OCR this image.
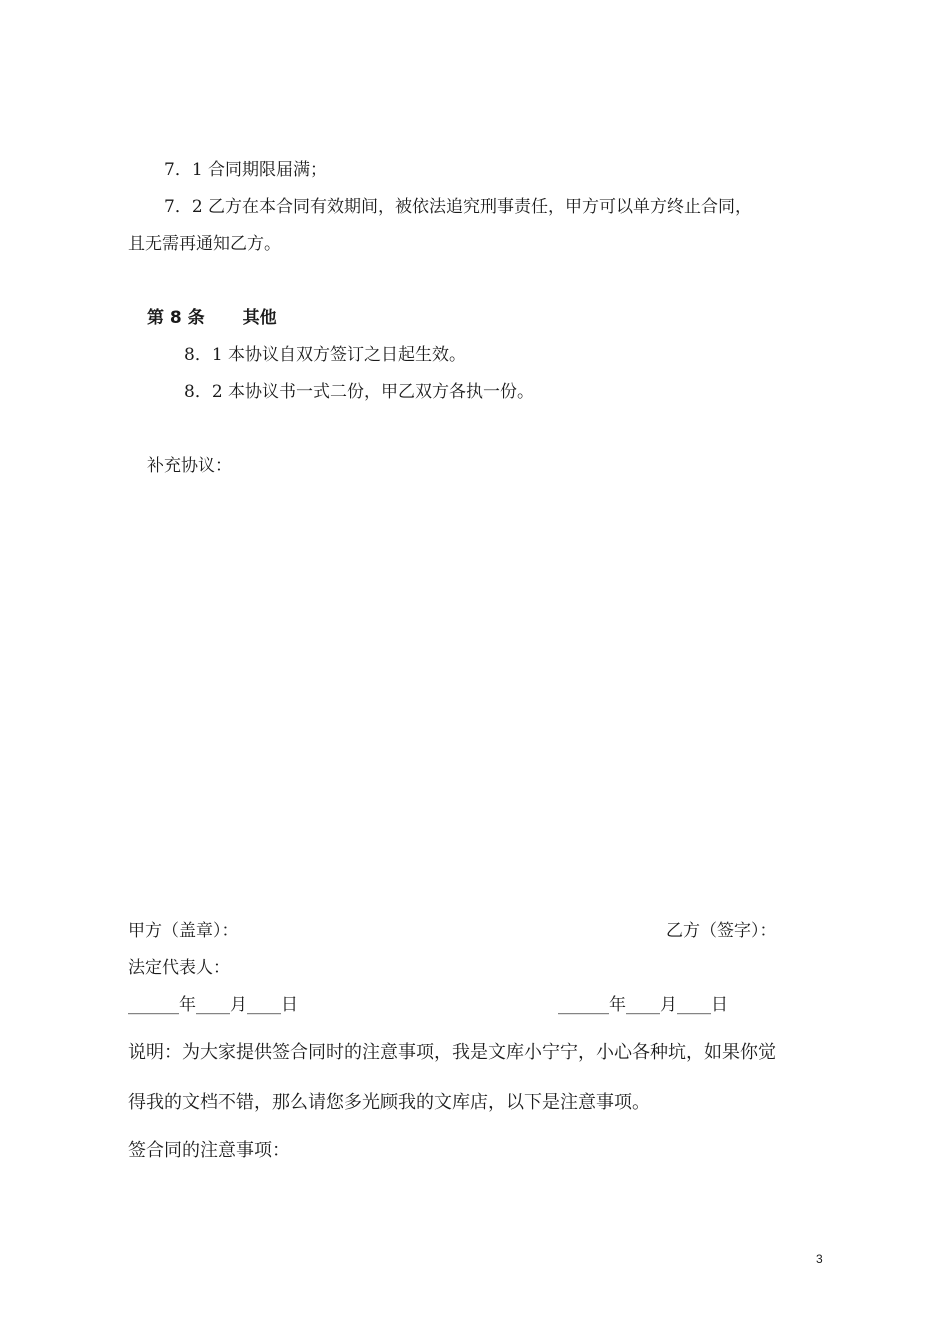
7．1 合同期限届满；
7．2 乙方在本合同有效期间，被依法追究刑事责任，甲方可以单方终止合同，
且无需再通知乙方。
第 8 条 其他
8．1 本协议自双方签订之日起生效。
8．2 本协议书一式二份，甲乙双方各执一份。
补充协议：
甲方（盖章）：	乙方（签字）：
法定代表人：
______年____月____日	______年____月____日
说明：为大家提供签合同时的注意事项，我是文库小宁宁，小心各种坑，如果你觉
得我的文档不错，那么请您多光顾我的文库店，以下是注意事项。
签合同的注意事项：
3
